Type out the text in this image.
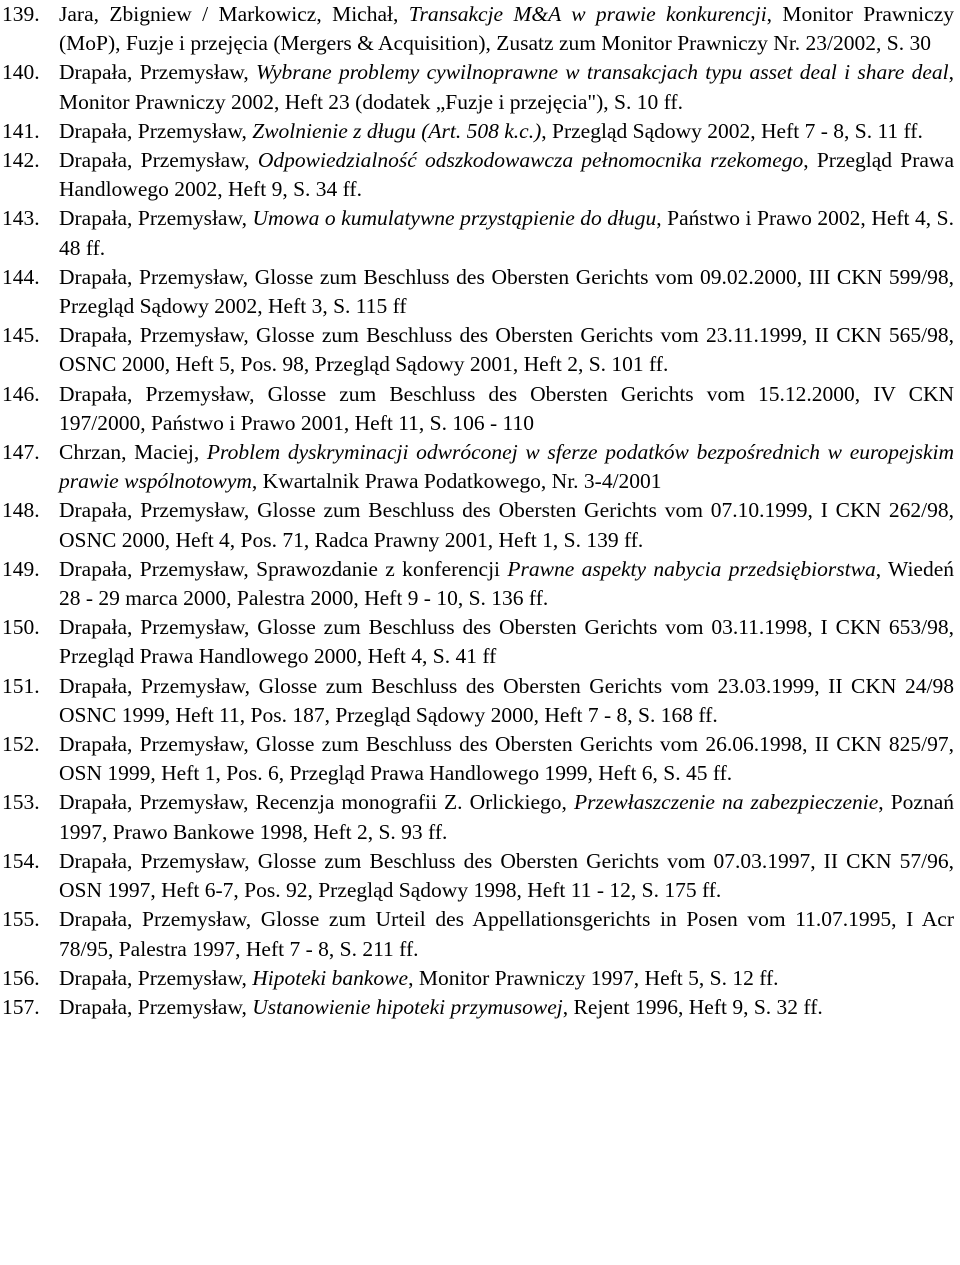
139. Jara, Zbigniew / Markowicz, Michał, Transakcje M&A w prawie konkurencji, Monitor Prawniczy (MoP), Fuzje i przejęcia (Mergers & Acquisition), Zusatz zum Monitor Prawniczy Nr. 23/2002, S. 30
140. Drapała, Przemysław, Wybrane problemy cywilnoprawne w transakcjach typu asset deal i share deal, Monitor Prawniczy 2002, Heft 23 (dodatek „Fuzje i przejęcia"), S. 10 ff.
141. Drapała, Przemysław, Zwolnienie z długu (Art. 508 k.c.), Przegląd Sądowy 2002, Heft 7 - 8, S. 11 ff.
142. Drapała, Przemysław, Odpowiedzialność odszkodowawcza pełnomocnika rzekomego, Przegląd Prawa Handlowego 2002, Heft 9, S. 34 ff.
143. Drapała, Przemysław, Umowa o kumulatywne przystąpienie do długu, Państwo i Prawo 2002, Heft 4, S. 48 ff.
144. Drapała, Przemysław, Glosse zum Beschluss des Obersten Gerichts vom 09.02.2000, III CKN 599/98, Przegląd Sądowy 2002, Heft 3, S. 115 ff
145. Drapała, Przemysław, Glosse zum Beschluss des Obersten Gerichts vom 23.11.1999, II CKN 565/98, OSNC 2000, Heft 5, Pos. 98, Przegląd Sądowy 2001, Heft 2, S. 101 ff.
146. Drapała, Przemysław, Glosse zum Beschluss des Obersten Gerichts vom 15.12.2000, IV CKN 197/2000, Państwo i Prawo 2001, Heft 11, S. 106 - 110
147. Chrzan, Maciej, Problem dyskryminacji odwróconej w sferze podatków bezpośrednich w europejskim prawie wspólnotowym, Kwartalnik Prawa Podatkowego, Nr. 3-4/2001
148. Drapała, Przemysław, Glosse zum Beschluss des Obersten Gerichts vom 07.10.1999, I CKN 262/98, OSNC 2000, Heft 4, Pos. 71, Radca Prawny 2001, Heft 1, S. 139 ff.
149. Drapała, Przemysław, Sprawozdanie z konferencji Prawne aspekty nabycia przedsiębiorstwa, Wiedeń 28 - 29 marca 2000, Palestra 2000, Heft 9 - 10, S. 136 ff.
150. Drapała, Przemysław, Glosse zum Beschluss des Obersten Gerichts vom 03.11.1998, I CKN 653/98, Przegląd Prawa Handlowego 2000, Heft 4, S. 41 ff
151. Drapała, Przemysław, Glosse zum Beschluss des Obersten Gerichts vom 23.03.1999, II CKN 24/98 OSNC 1999, Heft 11, Pos. 187, Przegląd Sądowy 2000, Heft 7 - 8, S. 168 ff.
152. Drapała, Przemysław, Glosse zum Beschluss des Obersten Gerichts vom 26.06.1998, II CKN 825/97, OSN 1999, Heft 1, Pos. 6, Przegląd Prawa Handlowego 1999, Heft 6, S. 45 ff.
153. Drapała, Przemysław, Recenzja monografii Z. Orlickiego, Przewłaszczenie na zabezpieczenie, Poznań 1997, Prawo Bankowe 1998, Heft 2, S. 93 ff.
154. Drapała, Przemysław, Glosse zum Beschluss des Obersten Gerichts vom 07.03.1997, II CKN 57/96, OSN 1997, Heft 6-7, Pos. 92, Przegląd Sądowy 1998, Heft 11 - 12, S. 175 ff.
155. Drapała, Przemysław, Glosse zum Urteil des Appellationsgerichts in Posen vom 11.07.1995, I Acr 78/95, Palestra 1997, Heft 7 - 8, S. 211 ff.
156. Drapała, Przemysław, Hipoteki bankowe, Monitor Prawniczy 1997, Heft 5, S. 12 ff.
157. Drapała, Przemysław, Ustanowienie hipoteki przymusowej, Rejent 1996, Heft 9, S. 32 ff.
